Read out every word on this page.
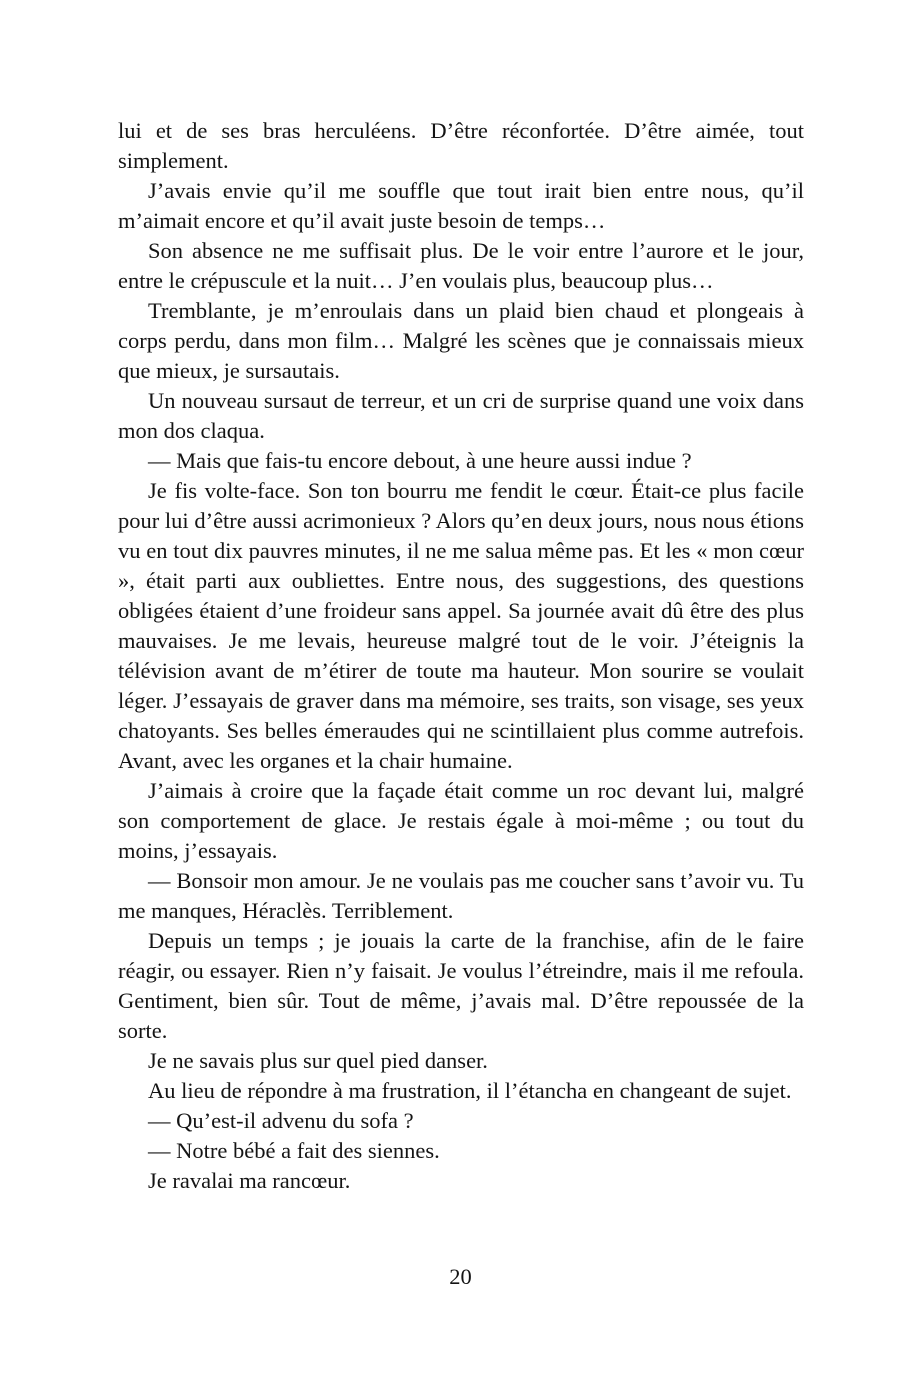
lui et de ses bras herculéens. D’être réconfortée. D’être aimée, tout simplement.

J’avais envie qu’il me souffle que tout irait bien entre nous, qu’il m’aimait encore et qu’il avait juste besoin de temps…

Son absence ne me suffisait plus. De le voir entre l’aurore et le jour, entre le crépuscule et la nuit… J’en voulais plus, beaucoup plus…

Tremblante, je m’enroulais dans un plaid bien chaud et plongeais à corps perdu, dans mon film… Malgré les scènes que je connaissais mieux que mieux, je sursautais.

Un nouveau sursaut de terreur, et un cri de surprise quand une voix dans mon dos claqua.

— Mais que fais-tu encore debout, à une heure aussi indue ?

Je fis volte-face. Son ton bourru me fendit le cœur. Était-ce plus facile pour lui d’être aussi acrimonieux ? Alors qu’en deux jours, nous nous étions vu en tout dix pauvres minutes, il ne me salua même pas. Et les « mon cœur », était parti aux oubliettes. Entre nous, des suggestions, des questions obligées étaient d’une froideur sans appel. Sa journée avait dû être des plus mauvaises. Je me levais, heureuse malgré tout de le voir. J’éteignis la télévision avant de m’étirer de toute ma hauteur. Mon sourire se voulait léger. J’essayais de graver dans ma mémoire, ses traits, son visage, ses yeux chatoyants. Ses belles émeraudes qui ne scintillaient plus comme autrefois. Avant, avec les organes et la chair humaine.

J’aimais à croire que la façade était comme un roc devant lui, malgré son comportement de glace. Je restais égale à moi-même ; ou tout du moins, j’essayais.

— Bonsoir mon amour. Je ne voulais pas me coucher sans t’avoir vu. Tu me manques, Héraclès. Terriblement.

Depuis un temps ; je jouais la carte de la franchise, afin de le faire réagir, ou essayer. Rien n’y faisait. Je voulus l’étreindre, mais il me refoula. Gentiment, bien sûr. Tout de même, j’avais mal. D’être repoussée de la sorte.

Je ne savais plus sur quel pied danser.

Au lieu de répondre à ma frustration, il l’étancha en changeant de sujet.

— Qu’est-il advenu du sofa ?

— Notre bébé a fait des siennes.

Je ravalai ma rancœur.

20
